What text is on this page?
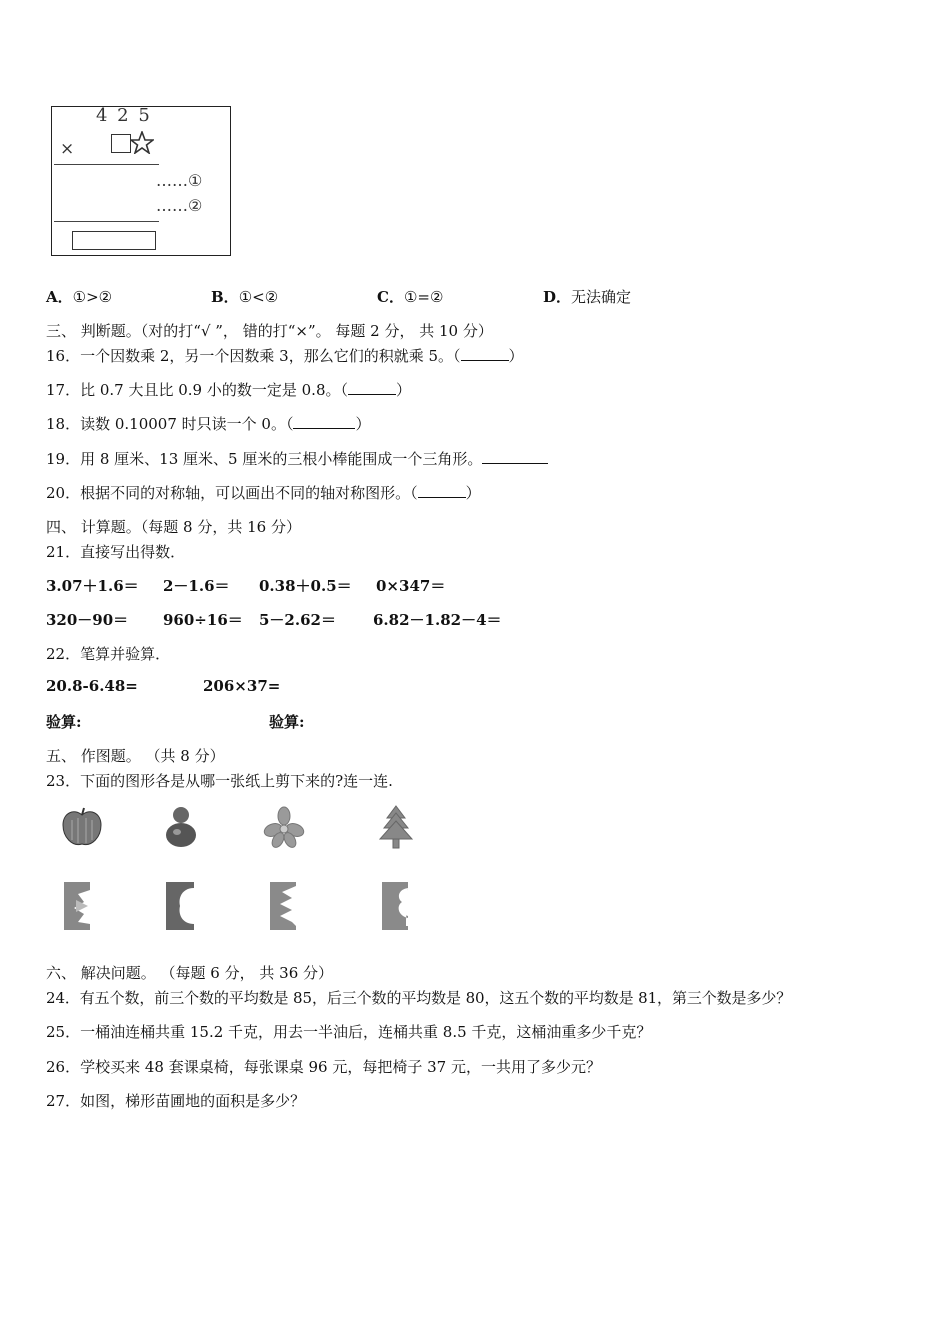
4 2 5
×
……①
……②
A．①>②	B．①<②	C．①=②	D．无法确定
三、 判断题。（对的打“√ ”， 错的打“×”。 每题 2 分， 共 10 分）
16．一个因数乘 2，另一个因数乘 3，那么它们的积就乘 5。（	）
17．比 0.7 大且比 0.9 小的数一定是 0.8。（	）
18．读数 0.10007 时只读一个 0。（	）
19．用 8 厘米、13 厘米、5 厘米的三根小棒能围成一个三角形。
20．根据不同的对称轴，可以画出不同的轴对称图形。（	）
四、 计算题。（每题 8 分，共 16 分）
21．直接写出得数．
3.07＋1.6＝ 2－1.6＝ 0.38＋0.5＝ 0×347＝
320－90＝ 960÷16＝ 5－2.62＝ 6.82－1.82－4＝
22．笔算并验算．
20.8-6.48=	206×37=
验算:	验算:
五、 作图题。 （共 8 分）
23．下面的图形各是从哪一张纸上剪下来的?连一连.
六、 解决问题。 （每题 6 分， 共 36 分）
24．有五个数，前三个数的平均数是 85，后三个数的平均数是 80，这五个数的平均数是 81，第三个数是多少？
25．一桶油连桶共重 15.2 千克，用去一半油后，连桶共重 8.5 千克，这桶油重多少千克？
26．学校买来 48 套课桌椅，每张课桌 96 元，每把椅子 37 元，一共用了多少元？
27．如图，梯形苗圃地的面积是多少？
